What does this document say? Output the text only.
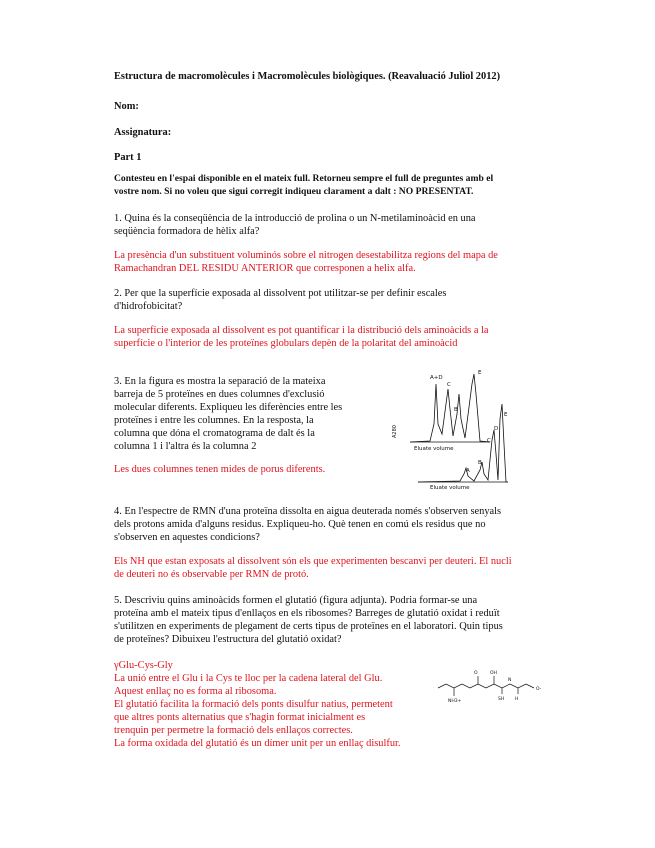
Estructura de macromolècules i Macromolècules biològiques. (Reavaluació Juliol 2012)
Nom:
Assignatura:
Part 1
Contesteu en l'espai disponible en el mateix full. Retorneu sempre el full de preguntes amb el
vostre nom. Si no voleu que sigui corregit indiqueu clarament a dalt : NO PRESENTAT.
1. Quina és la conseqüència de la introducció de prolina o un N-metilaminoàcid en una
seqüència formadora de hèlix alfa?
La presència d'un substituent voluminós sobre el nitrogen desestabilitza regions del mapa de
Ramachandran DEL RESIDU ANTERIOR que corresponen a helix alfa.
2. Per que la superfície exposada al dissolvent pot utilitzar-se per definir escales
d'hidrofobicitat?
La superfície exposada al dissolvent es pot quantificar i la distribució dels aminoàcids a la
superfície o l'interior de les proteïnes globulars depèn de la polaritat del aminoàcid
3. En la figura es mostra la separació de la mateixa
barreja de 5 proteïnes en dues columnes d'exclusió
molecular diferents. Expliqueu les diferències entre les
proteïnes i entre les columnes. En la resposta, la
columna que dóna el cromatograma de dalt és la
columna 1 i l'altra és la columna 2
Les dues columnes tenen mides de porus diferents.
A+D
C
B
E
Eluate volume
A280
A
B
C
D
E
Eluate volume
4. En l'espectre de RMN d'una proteïna dissolta en aigua deuterada només s'observen senyals
dels protons amida d'alguns residus. Expliqueu-ho. Què tenen en comú els residus que no
s'observen en aquestes condicions?
Els NH que estan exposats al dissolvent són els que experimenten bescanvi per deuteri. El nucli
de deuteri no és observable per RMN de protó.
5. Descriviu quins aminoàcids formen el glutatió (figura adjunta). Podria formar-se una
proteïna amb el mateix tipus d'enllaços en els ribosomes? Barreges de glutatió oxidat i reduït
s'utilitzen en experiments de plegament de certs tipus de proteïnes en el laboratori. Quin tipus
de proteïnes? Dibuixeu l'estructura del glutatió oxidat?
γGlu-Cys-Gly
La unió entre el Glu i la Cys te lloc per la cadena lateral del Glu.
Aquest enllaç no es forma al ribosoma.
El glutatió facilita la formació dels ponts disulfur natius, permetent
que altres ponts alternatius que s'hagin format inicialment es
trenquin per permetre la formació dels enllaços correctes.
La forma oxidada del glutatió és un dímer unit per un enllaç disulfur.
O	OH
SH H
N
O-
NH3+
